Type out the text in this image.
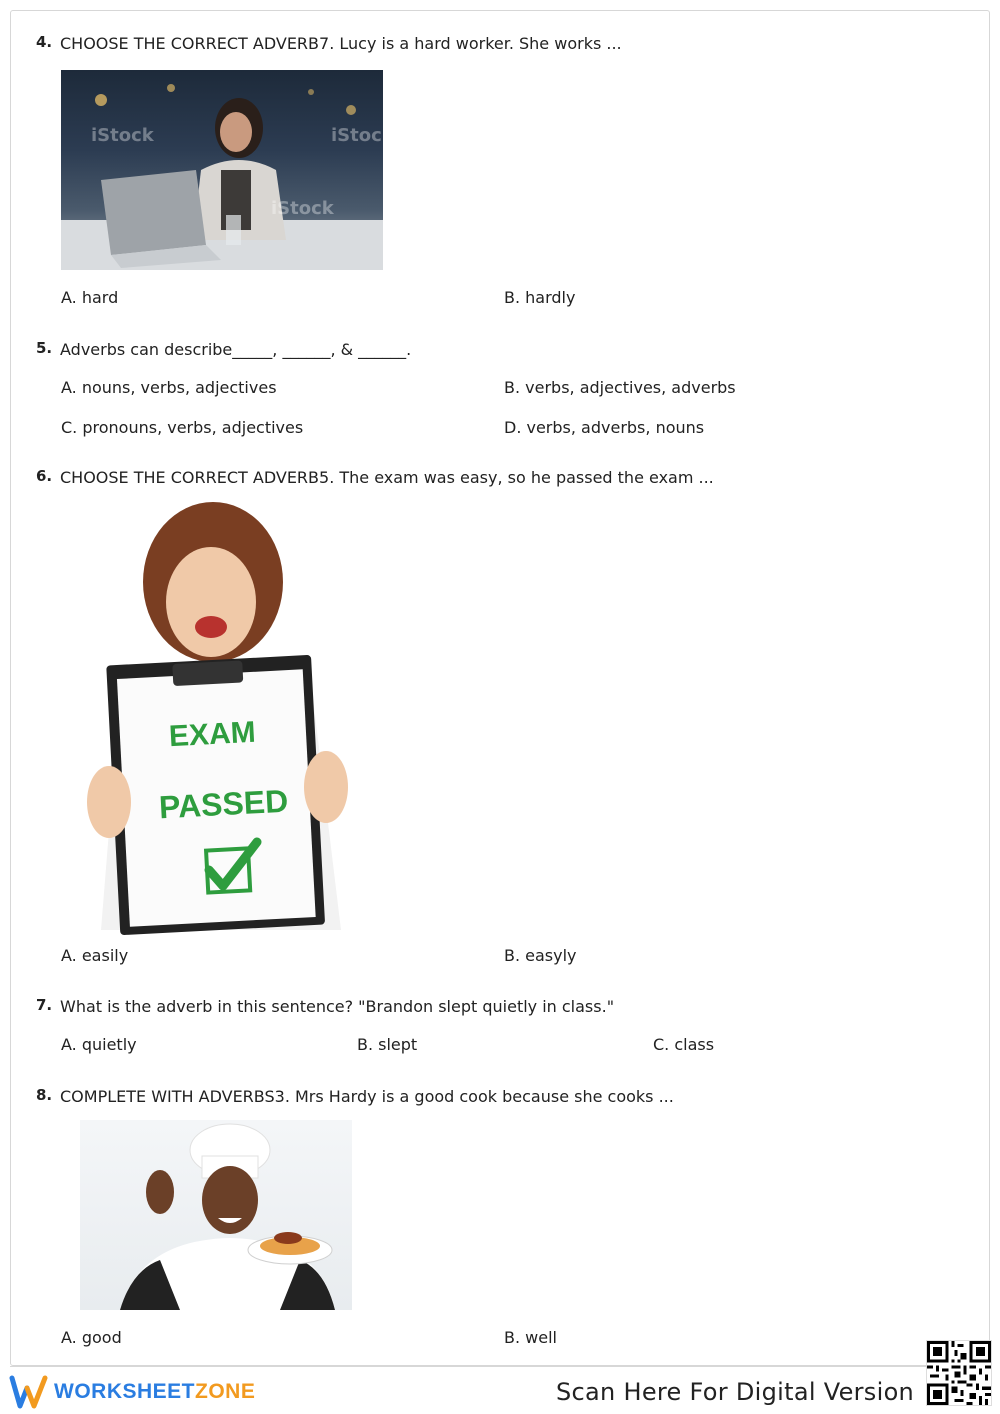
4. CHOOSE THE CORRECT ADVERB7. Lucy is a hard worker. She works ...
iStock	iStock
iStock
A. hard	B. hardly
5. Adverbs can describe_____, ______, & ______.
A. nouns, verbs, adjectives	B. verbs, adjectives, adverbs
C. pronouns, verbs, adjectives	D. verbs, adverbs, nouns
6. CHOOSE THE CORRECT ADVERB5. The exam was easy, so he passed the exam ...
EXAM
PASSED
A. easily	B. easyly
7. What is the adverb in this sentence? "Brandon slept quietly in class."
A. quietly	B. slept	C. class
8. COMPLETE WITH ADVERBS3. Mrs Hardy is a good cook because she cooks ...
A. good	B. well
WORKSHEETZONE	Scan Here For Digital Version
